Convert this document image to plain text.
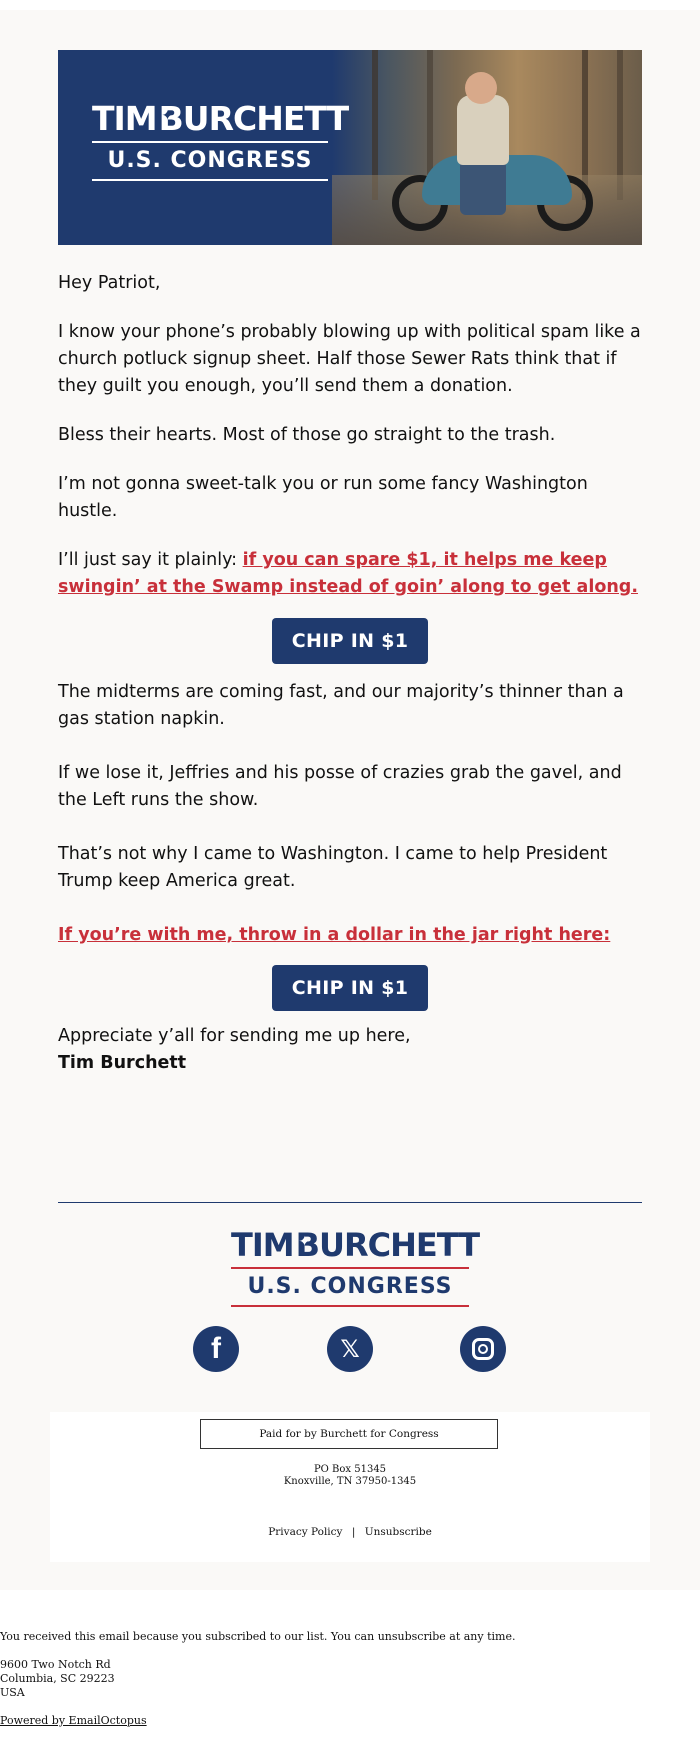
TIM BURCHETT
U.S. CONGRESS

Hey Patriot,

I know your phone’s probably blowing up with political spam like a church potluck signup sheet. Half those Sewer Rats think that if they guilt you enough, you’ll send them a donation.

Bless their hearts. Most of those go straight to the trash.

I’m not gonna sweet-talk you or run some fancy Washington hustle.

I’ll just say it plainly: if you can spare $1, it helps me keep swingin’ at the Swamp instead of goin’ along to get along.

CHIP IN $1

The midterms are coming fast, and our majority’s thinner than a gas station napkin.

If we lose it, Jeffries and his posse of crazies grab the gavel, and the Left runs the show.

That’s not why I came to Washington. I came to help President Trump keep America great.

If you’re with me, throw in a dollar in the jar right here:

CHIP IN $1

Appreciate y’all for sending me up here,

Tim Burchett

TIM BURCHETT
U.S. CONGRESS
f	𝕏
Paid for by Burchett for Congress
PO Box 51345
Knoxville, TN 37950-1345
Privacy Policy | Unsubscribe
You received this email because you subscribed to our list. You can unsubscribe at any time.
9600 Two Notch Rd
Columbia, SC 29223
USA
Powered by EmailOctopus
